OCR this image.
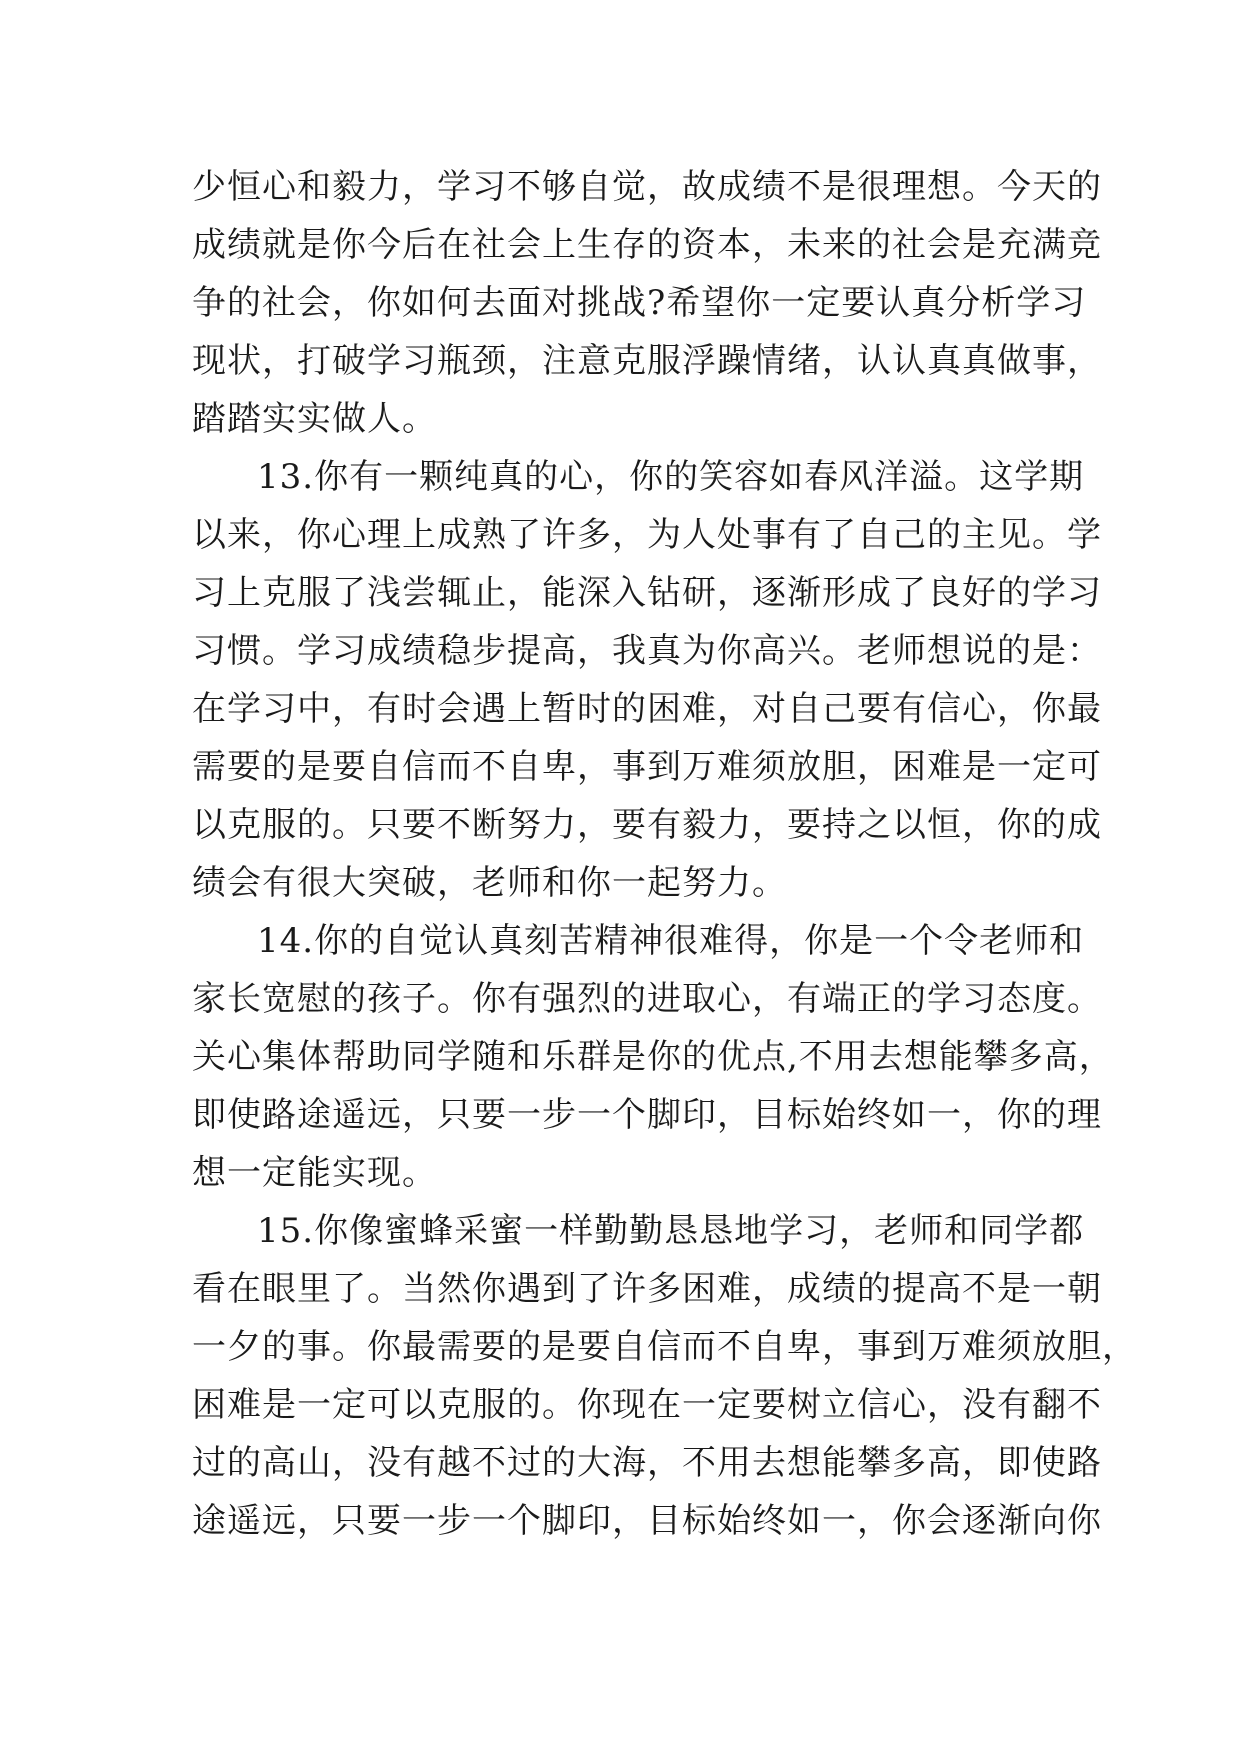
少恒心和毅力，学习不够自觉，故成绩不是很理想。今天的
成绩就是你今后在社会上生存的资本，未来的社会是充满竞
争的社会，你如何去面对挑战?希望你一定要认真分析学习
现状，打破学习瓶颈，注意克服浮躁情绪，认认真真做事，
踏踏实实做人。
13.你有一颗纯真的心，你的笑容如春风洋溢。这学期
以来，你心理上成熟了许多，为人处事有了自己的主见。学
习上克服了浅尝辄止，能深入钻研，逐渐形成了良好的学习
习惯。学习成绩稳步提高，我真为你高兴。老师想说的是：
在学习中，有时会遇上暂时的困难，对自己要有信心，你最
需要的是要自信而不自卑，事到万难须放胆，困难是一定可
以克服的。只要不断努力，要有毅力，要持之以恒，你的成
绩会有很大突破，老师和你一起努力。
14.你的自觉认真刻苦精神很难得，你是一个令老师和
家长宽慰的孩子。你有强烈的进取心，有端正的学习态度。
关心集体帮助同学随和乐群是你的优点,不用去想能攀多高，
即使路途遥远，只要一步一个脚印，目标始终如一，你的理
想一定能实现。
15.你像蜜蜂采蜜一样勤勤恳恳地学习，老师和同学都
看在眼里了。当然你遇到了许多困难，成绩的提高不是一朝
一夕的事。你最需要的是要自信而不自卑，事到万难须放胆，
困难是一定可以克服的。你现在一定要树立信心，没有翻不
过的高山，没有越不过的大海，不用去想能攀多高，即使路
途遥远，只要一步一个脚印，目标始终如一，你会逐渐向你
